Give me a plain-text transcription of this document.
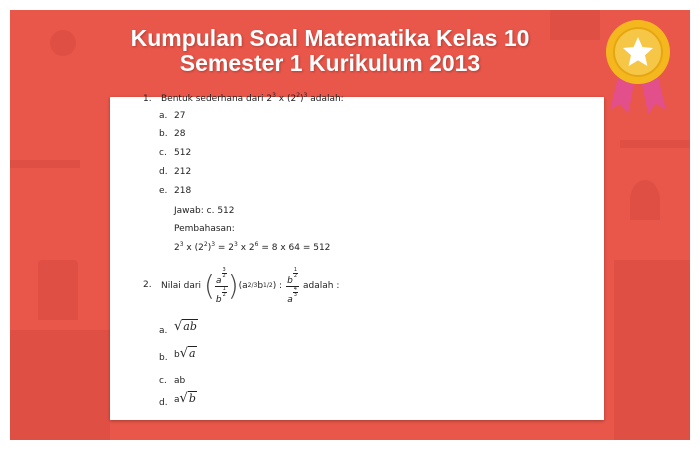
Kumpulan Soal Matematika Kelas 10
Semester 1 Kurikulum 2013
1. Bentuk sederhana dari $2^3$ x $(2^2)^3$ adalah:
a. 27
b. 28
c. 512
d. 212
e. 218
Jawab: c. 512
Pembahasan:
$2^3$ x $(2^2)^3 = 2^3$ x $2^6 = 8$ x 64 = 512
2. Nilai dari ( a
$\frac{3}{2}$
b
$\frac{1}{2}$ ) (a 2/3 b 1/2 ) : b
$\frac{1}{2}$
a
$\frac{4}{3}$ adalah :
a. √ab
b. b√a
c. ab
d. a√b
